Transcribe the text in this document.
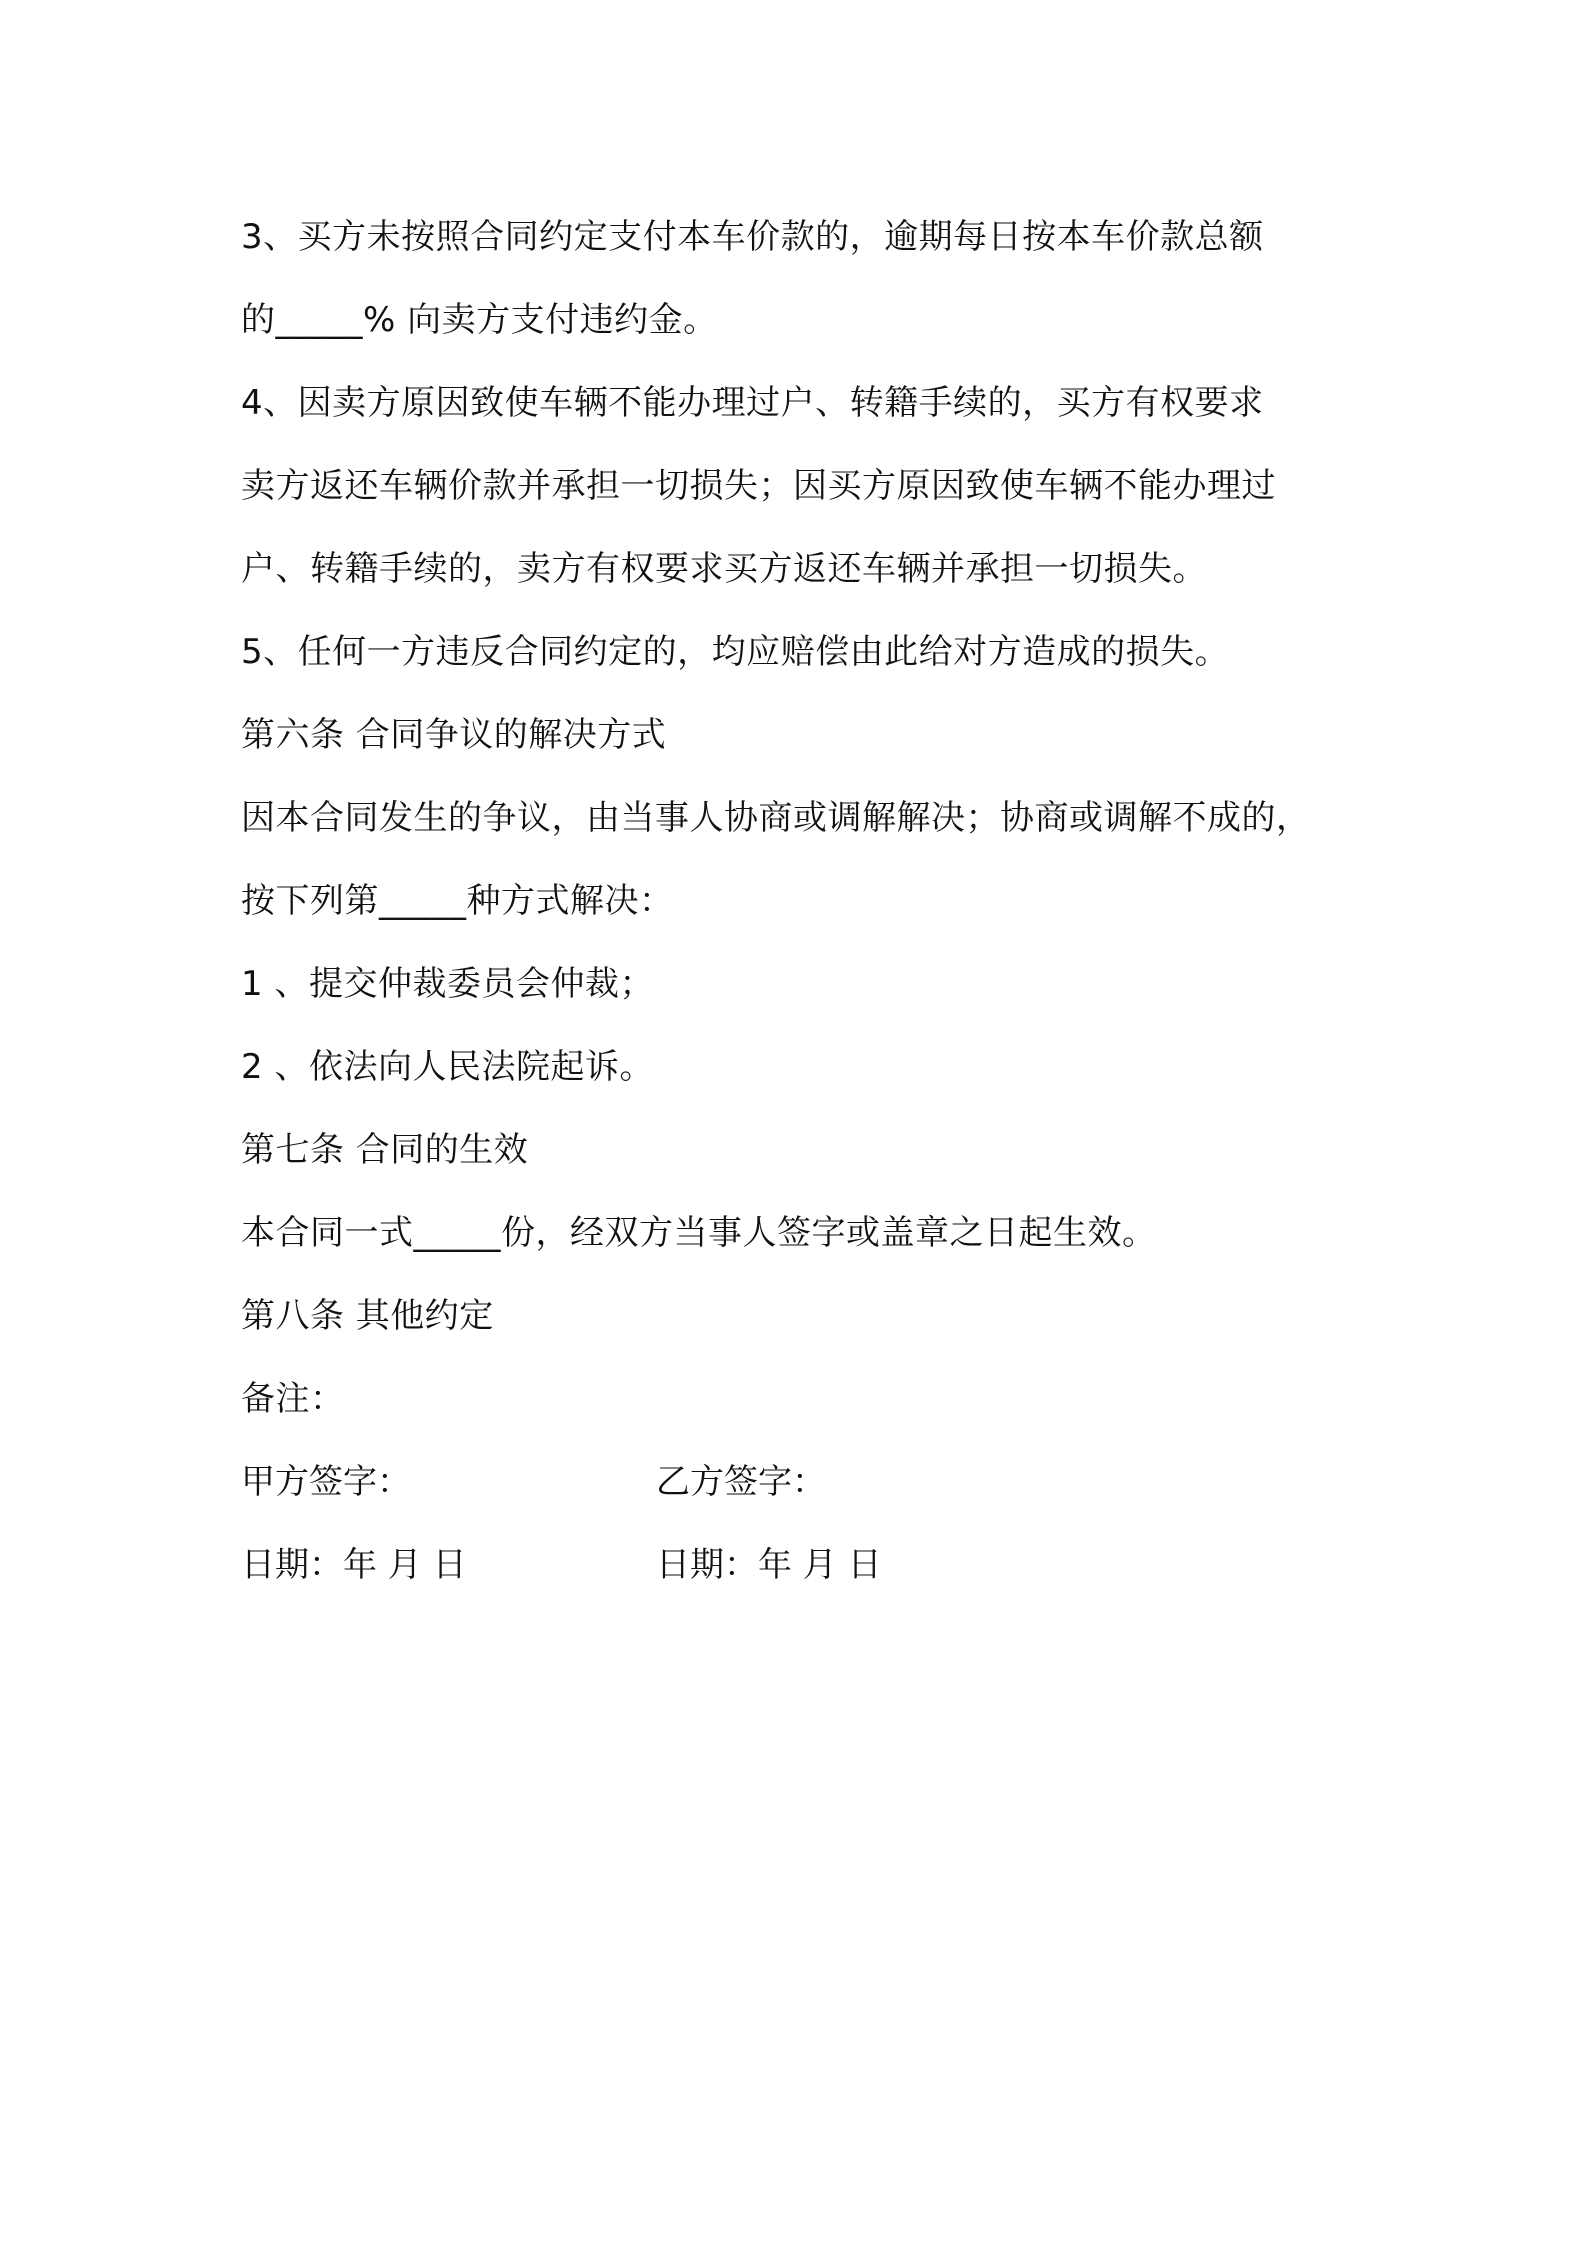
3、买方未按照合同约定支付本车价款的，逾期每日按本车价款总额
的_____% 向卖方支付违约金。
4、因卖方原因致使车辆不能办理过户、转籍手续的，买方有权要求
卖方返还车辆价款并承担一切损失；因买方原因致使车辆不能办理过
户、转籍手续的，卖方有权要求买方返还车辆并承担一切损失。
5、任何一方违反合同约定的，均应赔偿由此给对方造成的损失。
第六条 合同争议的解决方式
因本合同发生的争议，由当事人协商或调解解决；协商或调解不成的，
按下列第_____种方式解决：
1 、提交仲裁委员会仲裁；
2 、依法向人民法院起诉。
第七条 合同的生效
本合同一式_____份，经双方当事人签字或盖章之日起生效。
第八条 其他约定
备注：
甲方签字：	乙方签字：
日期：年 月 日	日期：年 月 日
